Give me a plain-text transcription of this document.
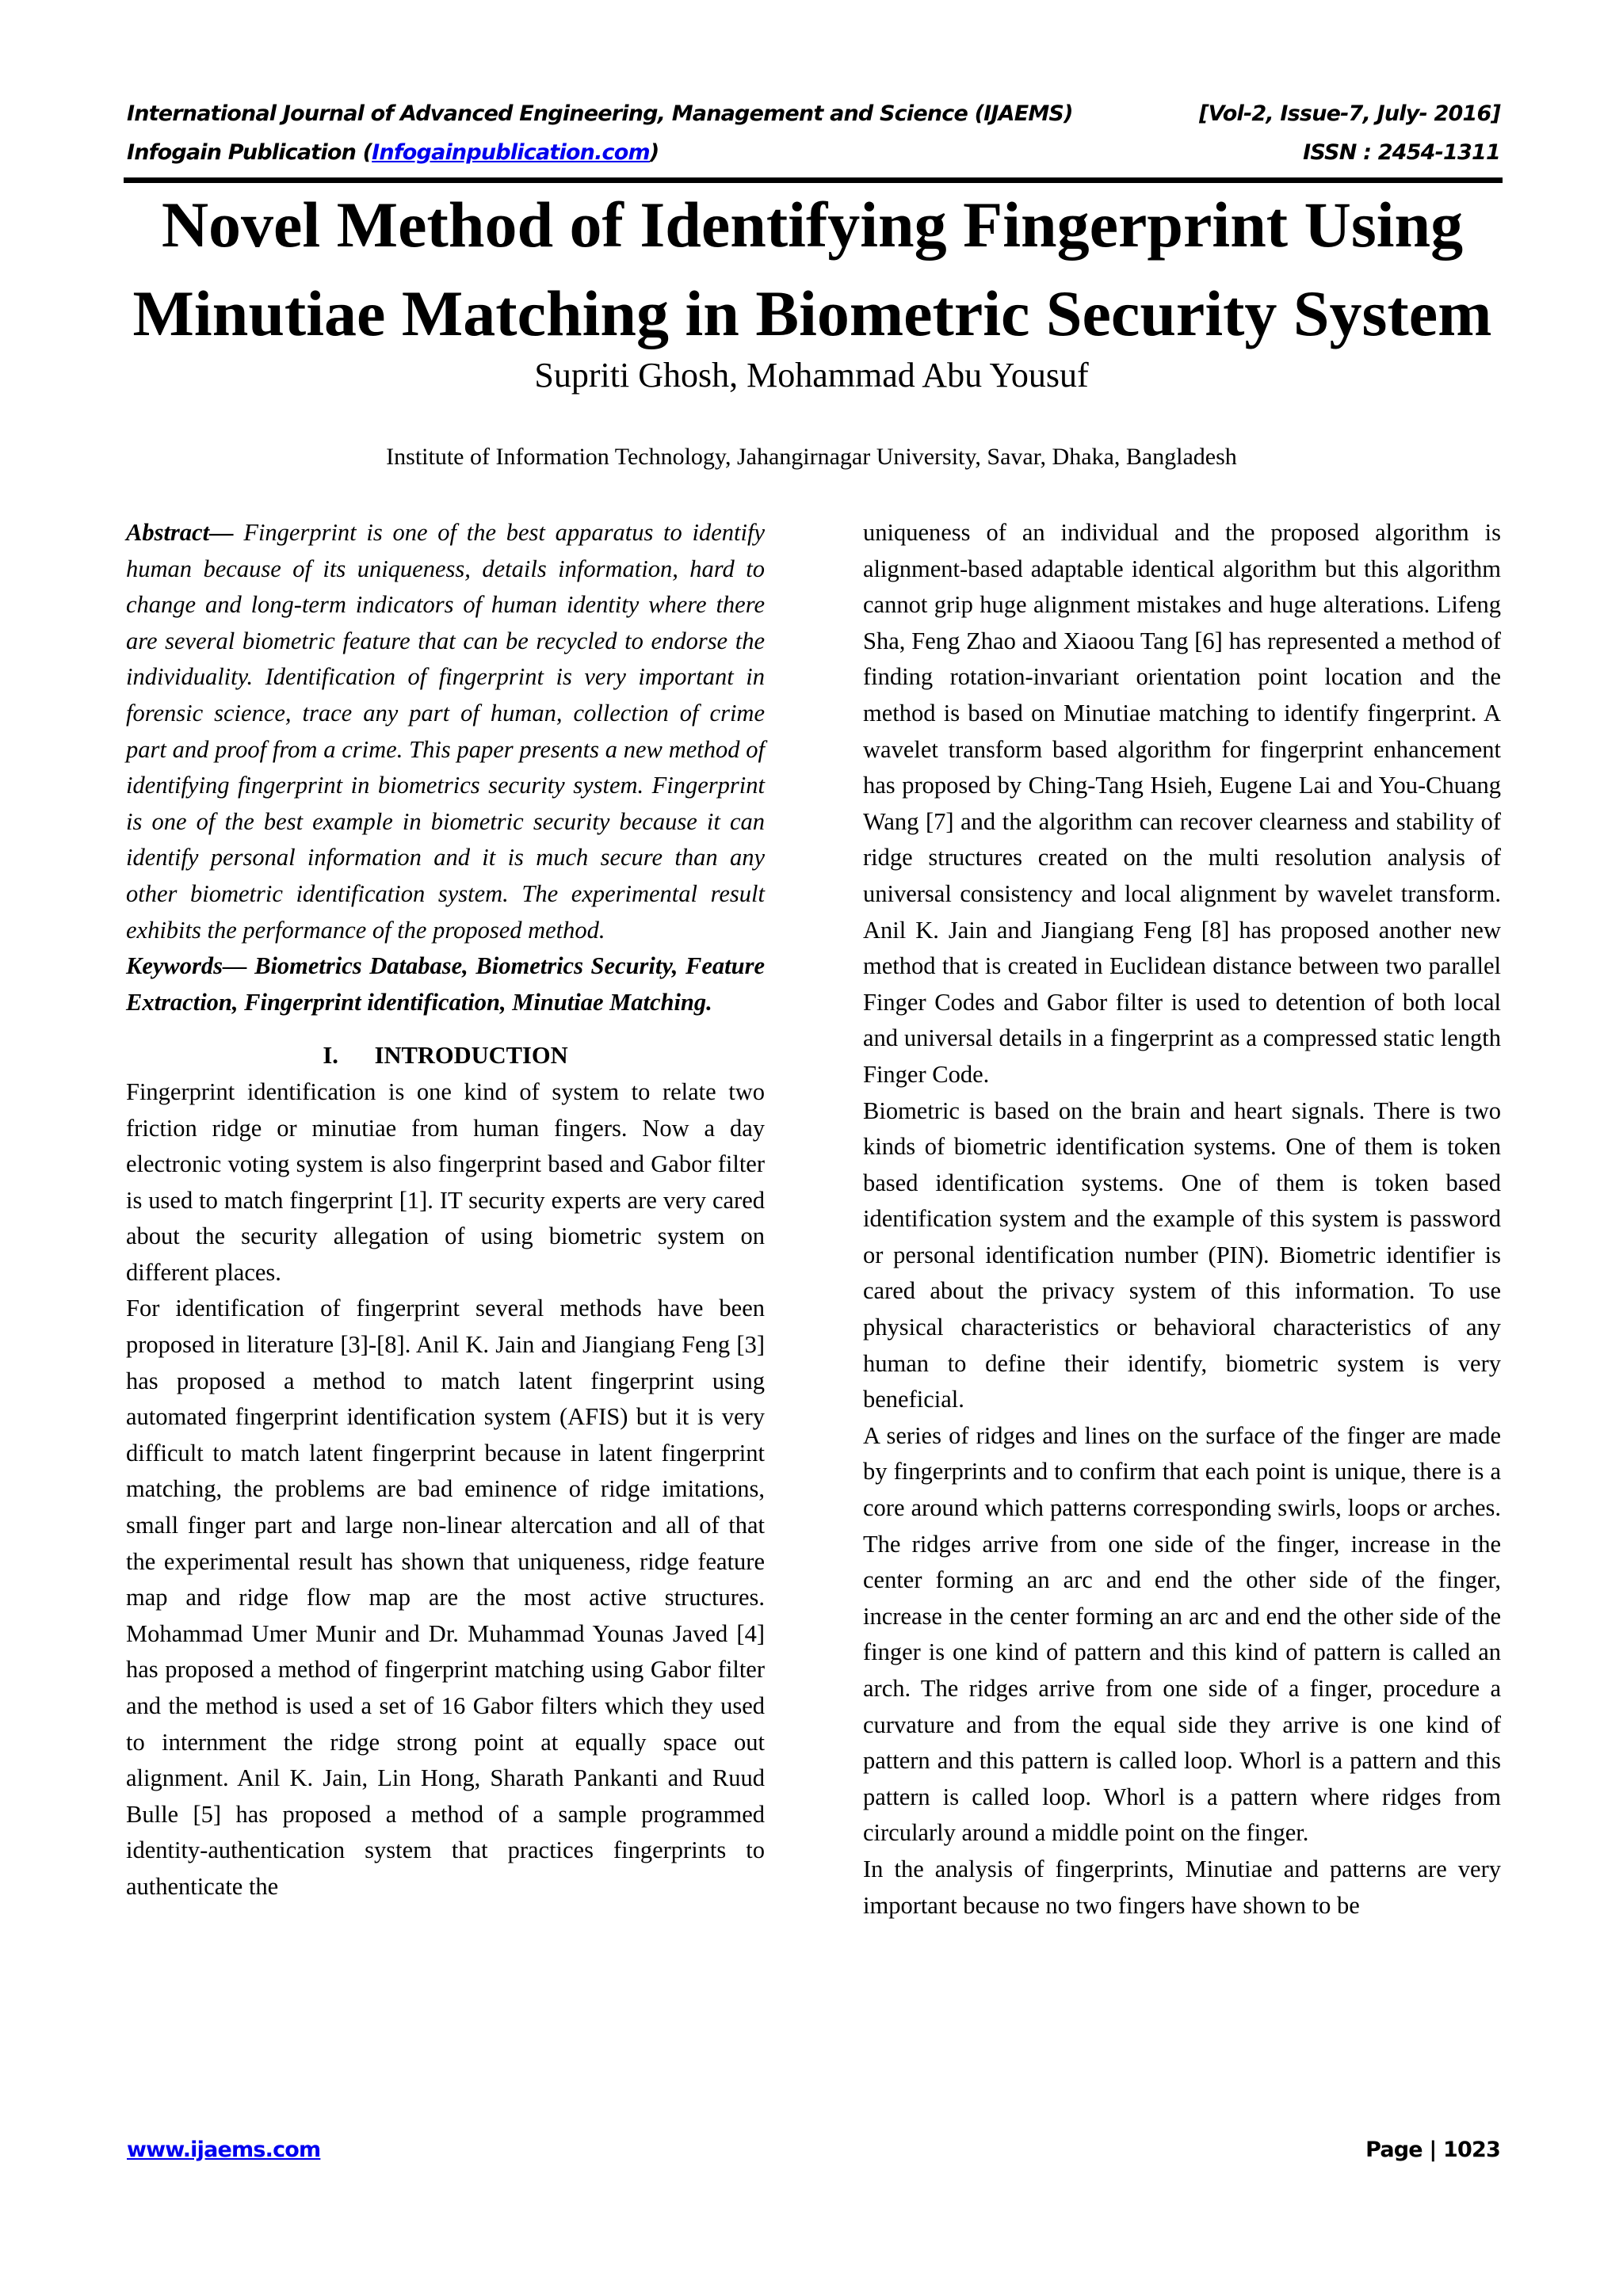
International Journal of Advanced Engineering, Management and Science (IJAEMS)	[Vol-2, Issue-7, July- 2016]
Infogain Publication (Infogainpublication.com)	ISSN : 2454-1311
Novel Method of Identifying Fingerprint Using
Minutiae Matching in Biometric Security System
Supriti Ghosh, Mohammad Abu Yousuf
Institute of Information Technology, Jahangirnagar University, Savar, Dhaka, Bangladesh

Abstract— Fingerprint is one of the best apparatus to identify human because of its uniqueness, details information, hard to change and long-term indicators of human identity where there are several biometric feature that can be recycled to endorse the individuality. Identification of fingerprint is very important in forensic science, trace any part of human, collection of crime part and proof from a crime. This paper presents a new method of identifying fingerprint in biometrics security system. Fingerprint is one of the best example in biometric security because it can identify personal information and it is much secure than any other biometric identification system. The experimental result exhibits the performance of the proposed method.

Keywords— Biometrics Database, Biometrics Security, Feature Extraction, Fingerprint identification, Minutiae Matching.

I.      INTRODUCTION

Fingerprint identification is one kind of system to relate two friction ridge or minutiae from human fingers. Now a day electronic voting system is also fingerprint based and Gabor filter is used to match fingerprint [1]. IT security experts are very cared about the security allegation of using biometric system on different places.

For identification of fingerprint several methods have been proposed in literature [3]-[8]. Anil K. Jain and Jiangiang Feng [3] has proposed a method to match latent fingerprint using automated fingerprint identification system (AFIS) but it is very difficult to match latent fingerprint because in latent fingerprint matching, the problems are bad eminence of ridge imitations, small finger part and large non-linear altercation and all of that the experimental result has shown that uniqueness, ridge feature map and ridge flow map are the most active structures. Mohammad Umer Munir and Dr. Muhammad Younas Javed [4] has proposed a method of fingerprint matching using Gabor filter and the method is used a set of 16 Gabor filters which they used to internment the ridge strong point at equally space out alignment. Anil K. Jain, Lin Hong, Sharath Pankanti and Ruud Bulle [5] has proposed a method of a sample programmed identity-authentication system that practices fingerprints to authenticate the

uniqueness of an individual and the proposed algorithm is alignment-based adaptable identical algorithm but this algorithm cannot grip huge alignment mistakes and huge alterations. Lifeng Sha, Feng Zhao and Xiaoou Tang [6] has represented a method of finding rotation-invariant orientation point location and the method is based on Minutiae matching to identify fingerprint. A wavelet transform based algorithm for fingerprint enhancement has proposed by Ching-Tang Hsieh, Eugene Lai and You-Chuang Wang [7] and the algorithm can recover clearness and stability of ridge structures created on the multi resolution analysis of universal consistency and local alignment by wavelet transform. Anil K. Jain and Jiangiang Feng [8] has proposed another new method that is created in Euclidean distance between two parallel Finger Codes and Gabor filter is used to detention of both local and universal details in a fingerprint as a compressed static length Finger Code.

Biometric is based on the brain and heart signals. There is two kinds of biometric identification systems. One of them is token based identification systems. One of them is token based identification system and the example of this system is password or personal identification number (PIN). Biometric identifier is cared about the privacy system of this information. To use physical characteristics or behavioral characteristics of any human to define their identify, biometric system is very beneficial.

A series of ridges and lines on the surface of the finger are made by fingerprints and to confirm that each point is unique, there is a core around which patterns corresponding swirls, loops or arches. The ridges arrive from one side of the finger, increase in the center forming an arc and end the other side of the finger, increase in the center forming an arc and end the other side of the finger is one kind of pattern and this kind of pattern is called an arch. The ridges arrive from one side of a finger, procedure a curvature and from the equal side they arrive is one kind of pattern and this pattern is called loop. Whorl is a pattern and this pattern is called loop. Whorl is a pattern where ridges from circularly around a middle point on the finger.

In the analysis of fingerprints, Minutiae and patterns are very important because no two fingers have shown to be

www.ijaems.com	Page | 1023
